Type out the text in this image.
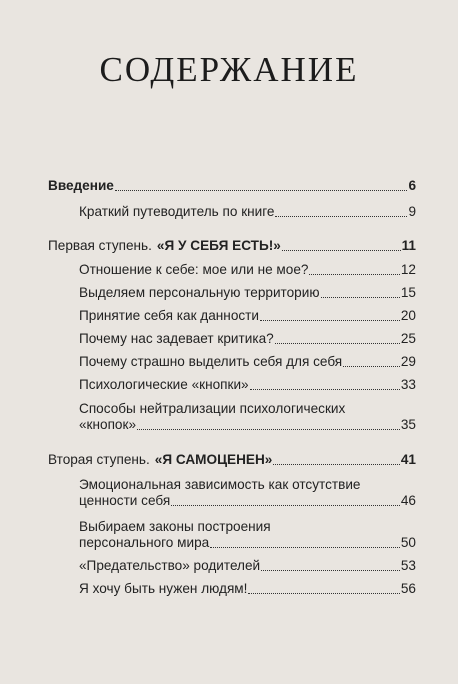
СОДЕРЖАНИЕ
Введение	6
Краткий путеводитель по книге	9
Первая ступень. «Я У СЕБЯ ЕСТЬ!»	11
Отношение к себе: мое или не мое?	12
Выделяем персональную территорию	15
Принятие себя как данности	20
Почему нас задевает критика?	25
Почему страшно выделить себя для себя	29
Психологические «кнопки»	33
Способы нейтрализации психологических
«кнопок»	35
Вторая ступень. «Я САМОЦЕНЕН»	41
Эмоциональная зависимость как отсутствие
ценности себя	46
Выбираем законы построения
персонального мира	50
«Предательство» родителей	53
Я хочу быть нужен людям!	56
